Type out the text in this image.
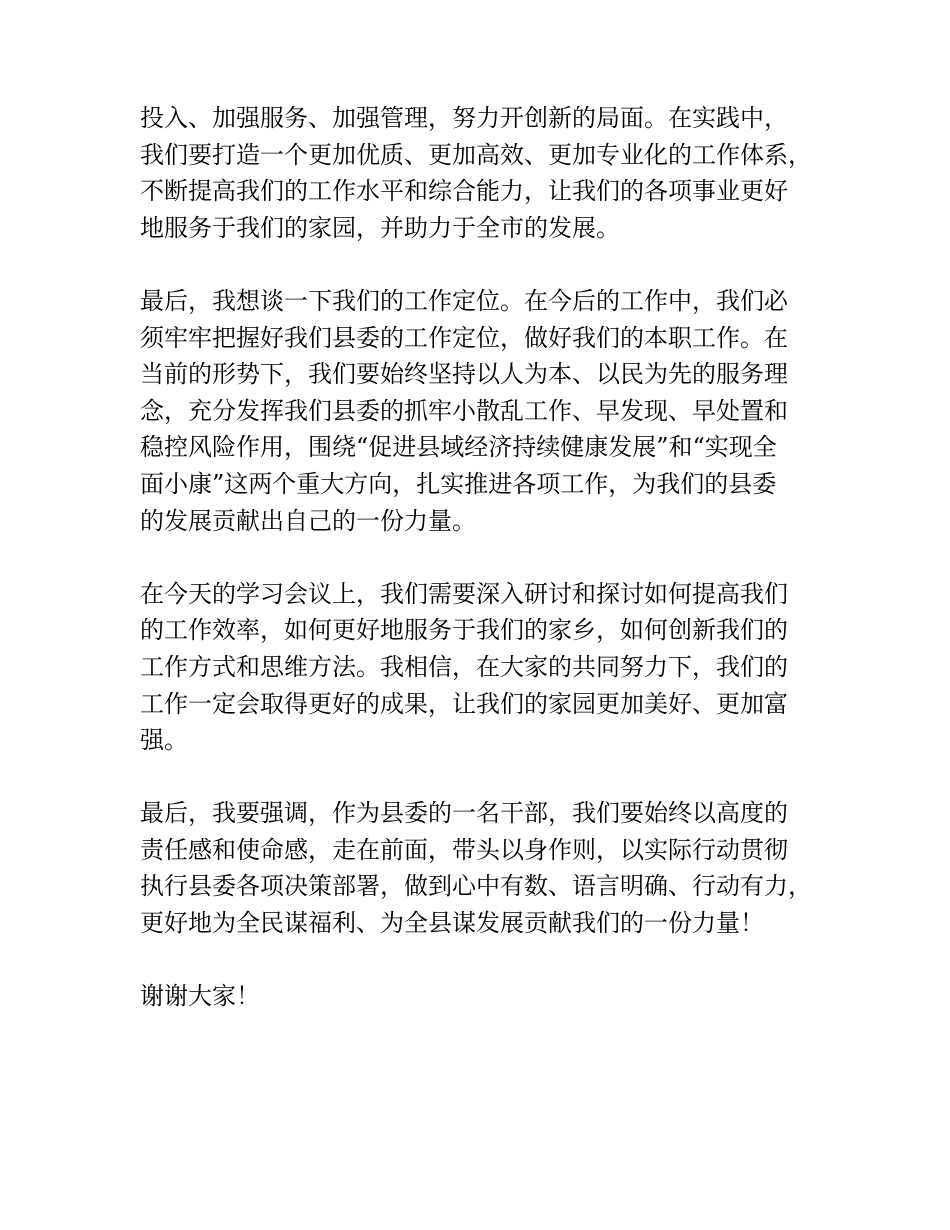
投入、加强服务、加强管理，努力开创新的局面。在实践中，
我们要打造一个更加优质、更加高效、更加专业化的工作体系，
不断提高我们的工作水平和综合能力，让我们的各项事业更好
地服务于我们的家园，并助力于全市的发展。
最后，我想谈一下我们的工作定位。在今后的工作中，我们必
须牢牢把握好我们县委的工作定位，做好我们的本职工作。在
当前的形势下，我们要始终坚持以人为本、以民为先的服务理
念，充分发挥我们县委的抓牢小散乱工作、早发现、早处置和
稳控风险作用，围绕“促进县域经济持续健康发展”和“实现全
面小康”这两个重大方向，扎实推进各项工作，为我们的县委
的发展贡献出自己的一份力量。
在今天的学习会议上，我们需要深入研讨和探讨如何提高我们
的工作效率，如何更好地服务于我们的家乡，如何创新我们的
工作方式和思维方法。我相信，在大家的共同努力下，我们的
工作一定会取得更好的成果，让我们的家园更加美好、更加富
强。
最后，我要强调，作为县委的一名干部，我们要始终以高度的
责任感和使命感，走在前面，带头以身作则，以实际行动贯彻
执行县委各项决策部署，做到心中有数、语言明确、行动有力，
更好地为全民谋福利、为全县谋发展贡献我们的一份力量！
谢谢大家！
